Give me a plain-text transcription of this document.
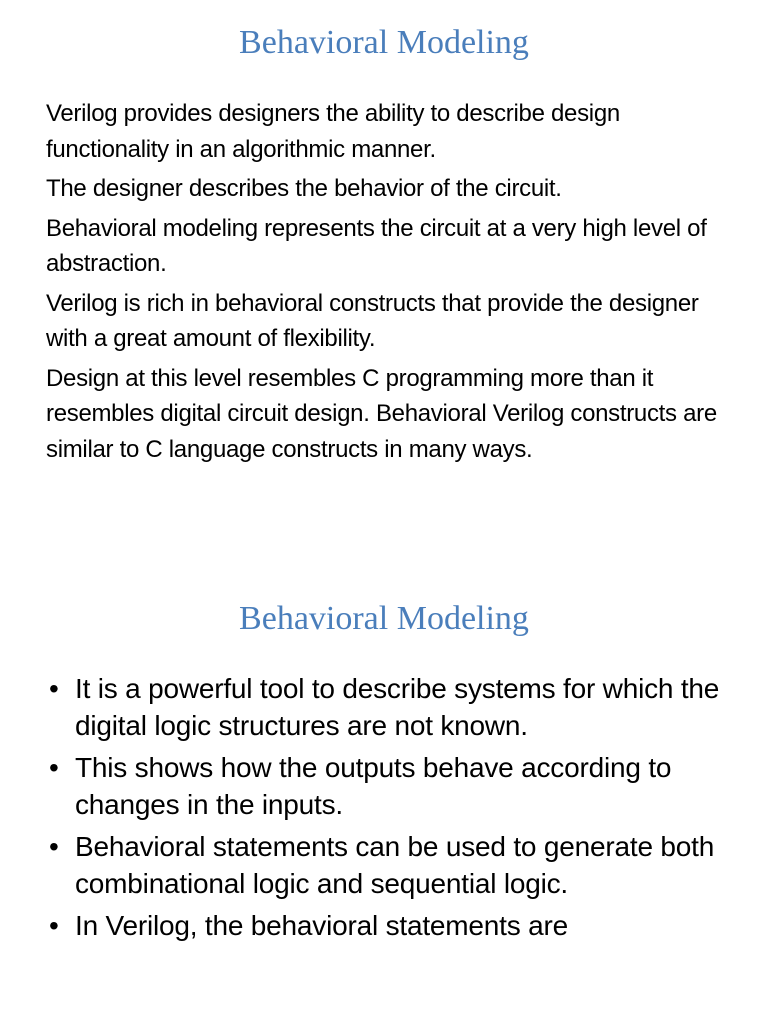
Behavioral Modeling

Verilog provides designers the ability to describe design functionality in an algorithmic manner.

The designer describes the behavior of the circuit.

Behavioral modeling represents the circuit at a very high level of abstraction.

Verilog is rich in behavioral constructs that provide the designer with a great amount of flexibility.

Design at this level resembles C programming more than it resembles digital circuit design. Behavioral Verilog constructs are similar to C language constructs in many ways.

Behavioral Modeling
• It is a powerful tool to describe systems for which the digital logic structures are not known.
• This shows how the outputs behave according to changes in the inputs.
• Behavioral statements can be used to generate both combinational logic and sequential logic.
• In Verilog, the behavioral statements are
